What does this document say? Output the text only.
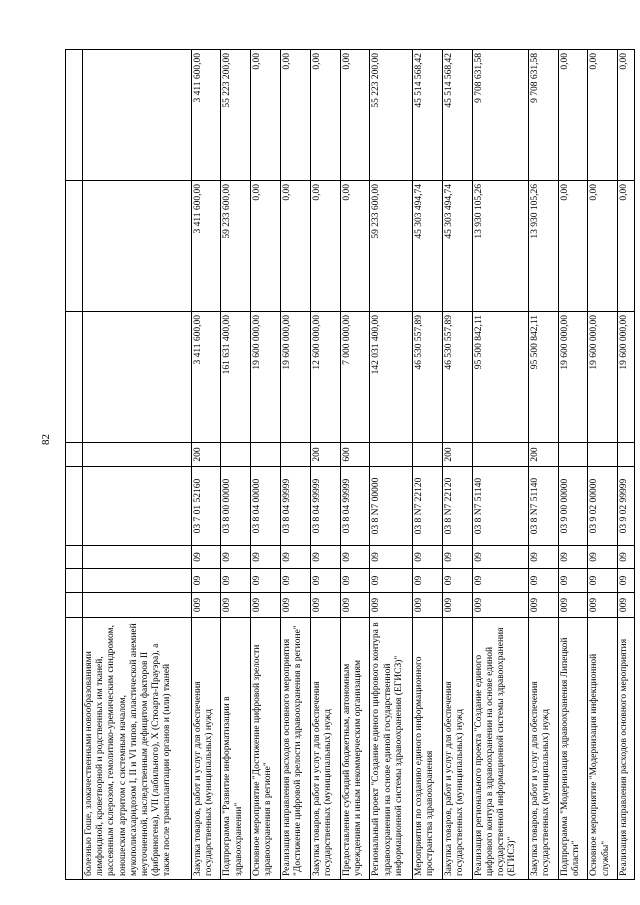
82

болезнью Гоше, злокачественными новообразованиями лимфоидной, кроветворной и родственных им тканей, рассеянным склерозом, гемолитико-уремическим синдромом, юношеским артритом с системным началом, мукополисахаридозом I, II и VI типов, апластической анемией неуточненной, наследственным дефицитом факторов II (фибриногена), VII (лабильного), X (Стюарта-Прауэра), а также после трансплантации органов и (или) тканей								
Закупка товаров, работ и услуг для обеспечения государственных (муниципальных) нужд	009	09	09	03 7 01 52160	200	3 411 600,00	3 411 600,00	3 411 600,00
Подпрограмма "Развитие информатизации в здравоохранении"	009	09	09	03 8 00 00000		161 631 400,00	59 233 600,00	55 223 200,00
Основное мероприятие "Достижение цифровой зрелости здравоохранения в регионе"	009	09	09	03 8 04 00000		19 600 000,00	0,00	0,00
Реализация направления расходов основного мероприятия "Достижение цифровой зрелости здравоохранения в регионе"	009	09	09	03 8 04 99999		19 600 000,00	0,00	0,00
Закупка товаров, работ и услуг для обеспечения государственных (муниципальных) нужд	009	09	09	03 8 04 99999	200	12 600 000,00	0,00	0,00
Предоставление субсидий бюджетным, автономным учреждениям и иным некоммерческим организациям	009	09	09	03 8 04 99999	600	7 000 000,00	0,00	0,00
Региональный проект "Создание единого цифрового контура в здравоохранении на основе единой государственной информационной системы здравоохранения (ЕГИСЗ)"	009	09	09	03 8 N7 00000		142 031 400,00	59 233 600,00	55 223 200,00
Мероприятия по созданию единого информационного пространства здравоохранения	009	09	09	03 8 N7 22120		46 530 557,89	45 303 494,74	45 514 568,42
Закупка товаров, работ и услуг для обеспечения государственных (муниципальных) нужд	009	09	09	03 8 N7 22120	200	46 530 557,89	45 303 494,74	45 514 568,42
Реализация регионального проекта "Создание единого цифрового контура в здравоохранении на основе единой государственной информационной системы здравоохранения (ЕГИСЗ)"	009	09	09	03 8 N7 51140		95 500 842,11	13 930 105,26	9 708 631,58
Закупка товаров, работ и услуг для обеспечения государственных (муниципальных) нужд	009	09	09	03 8 N7 51140	200	95 500 842,11	13 930 105,26	9 708 631,58
Подпрограмма "Модернизация здравоохранения Липецкой области"	009	09	09	03 9 00 00000		19 600 000,00	0,00	0,00
Основное мероприятие "Модернизация инфекционной службы"	009	09	09	03 9 02 00000		19 600 000,00	0,00	0,00
Реализация направления расходов основного мероприятия	009	09	09	03 9 02 99999		19 600 000,00	0,00	0,00
